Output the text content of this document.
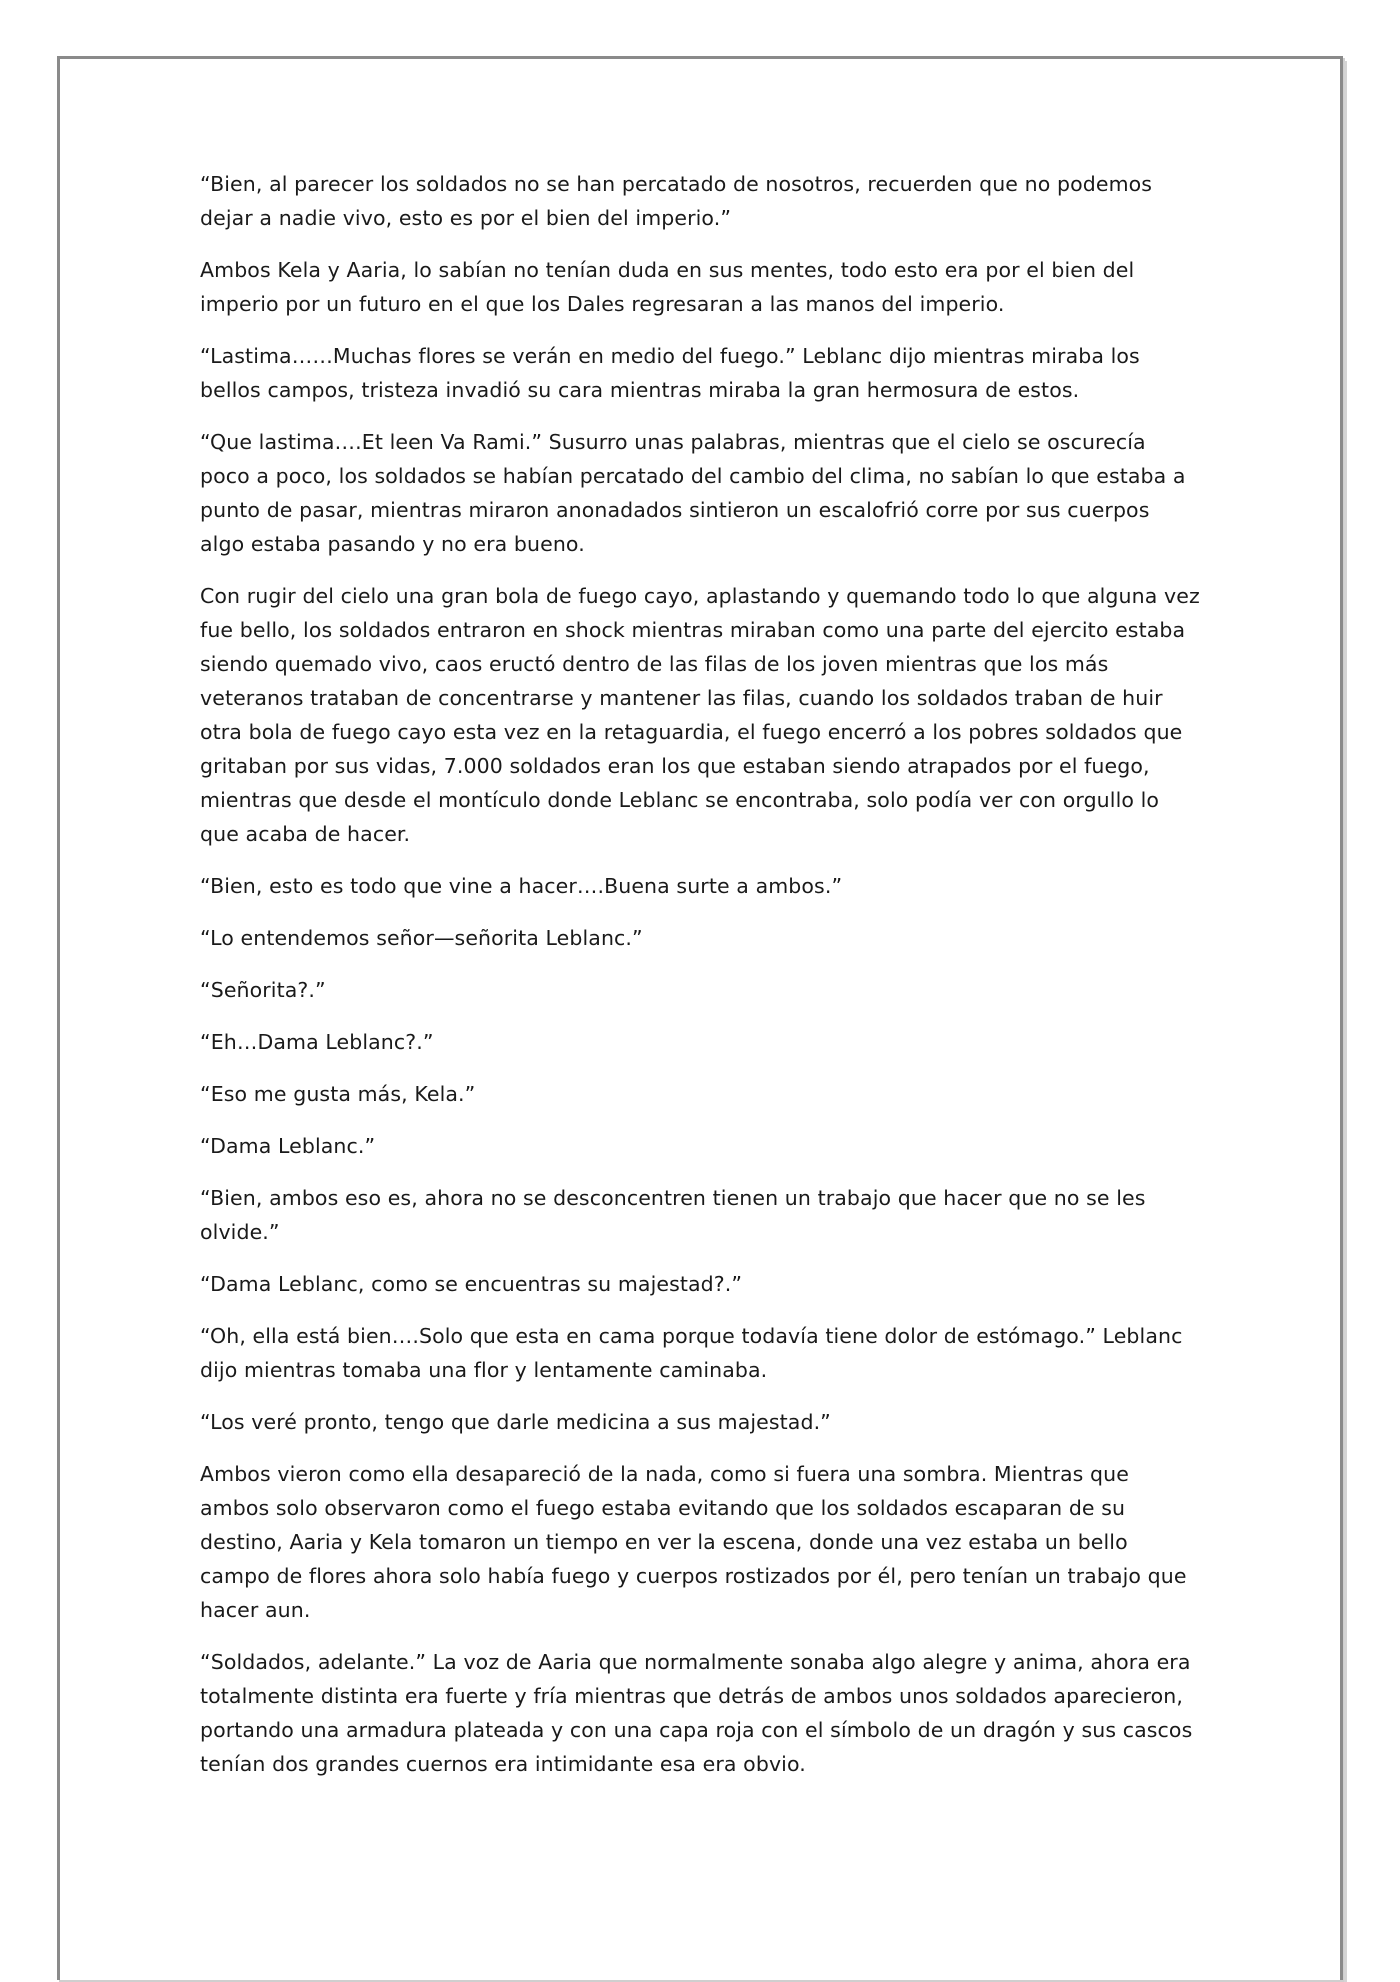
“Bien, al parecer los soldados no se han percatado de nosotros, recuerden que no podemos dejar a nadie vivo, esto es por el bien del imperio.”

Ambos Kela y Aaria, lo sabían no tenían duda en sus mentes, todo esto era por el bien del imperio por un futuro en el que los Dales regresaran a las manos del imperio.

“Lastima……Muchas flores se verán en medio del fuego.” Leblanc dijo mientras miraba los bellos campos, tristeza invadió su cara mientras miraba la gran hermosura de estos.

“Que lastima….Et leen Va Rami.” Susurro unas palabras, mientras que el cielo se oscurecía poco a poco, los soldados se habían percatado del cambio del clima, no sabían lo que estaba a punto de pasar, mientras miraron anonadados sintieron un escalofrió corre por sus cuerpos algo estaba pasando y no era bueno.

Con rugir del cielo una gran bola de fuego cayo, aplastando y quemando todo lo que alguna vez fue bello, los soldados entraron en shock mientras miraban como una parte del ejercito estaba siendo quemado vivo, caos eructó dentro de las filas de los joven mientras que los más veteranos trataban de concentrarse y mantener las filas, cuando los soldados traban de huir otra bola de fuego cayo esta vez en la retaguardia, el fuego encerró a los pobres soldados que gritaban por sus vidas, 7.000 soldados eran los que estaban siendo atrapados por el fuego, mientras que desde el montículo donde Leblanc se encontraba, solo podía ver con orgullo lo que acaba de hacer.

“Bien, esto es todo que vine a hacer….Buena surte a ambos.”

“Lo entendemos señor—señorita Leblanc.”

“Señorita?.”

“Eh…Dama Leblanc?.”

“Eso me gusta más, Kela.”

“Dama Leblanc.”

“Bien, ambos eso es, ahora no se desconcentren tienen un trabajo que hacer que no se les olvide.”

“Dama Leblanc, como se encuentras su majestad?.”

“Oh, ella está bien….Solo que esta en cama porque todavía tiene dolor de estómago.” Leblanc dijo mientras tomaba una flor y lentamente caminaba.

“Los veré pronto, tengo que darle medicina a sus majestad.”

Ambos vieron como ella desapareció de la nada, como si fuera una sombra. Mientras que ambos solo observaron como el fuego estaba evitando que los soldados escaparan de su destino, Aaria y Kela tomaron un tiempo en ver la escena, donde una vez estaba un bello campo de flores ahora solo había fuego y cuerpos rostizados por él, pero tenían un trabajo que hacer aun.

“Soldados, adelante.” La voz de Aaria que normalmente sonaba algo alegre y anima, ahora era totalmente distinta era fuerte y fría mientras que detrás de ambos unos soldados aparecieron, portando una armadura plateada y con una capa roja con el símbolo de un dragón y sus cascos tenían dos grandes cuernos era intimidante esa era obvio.
